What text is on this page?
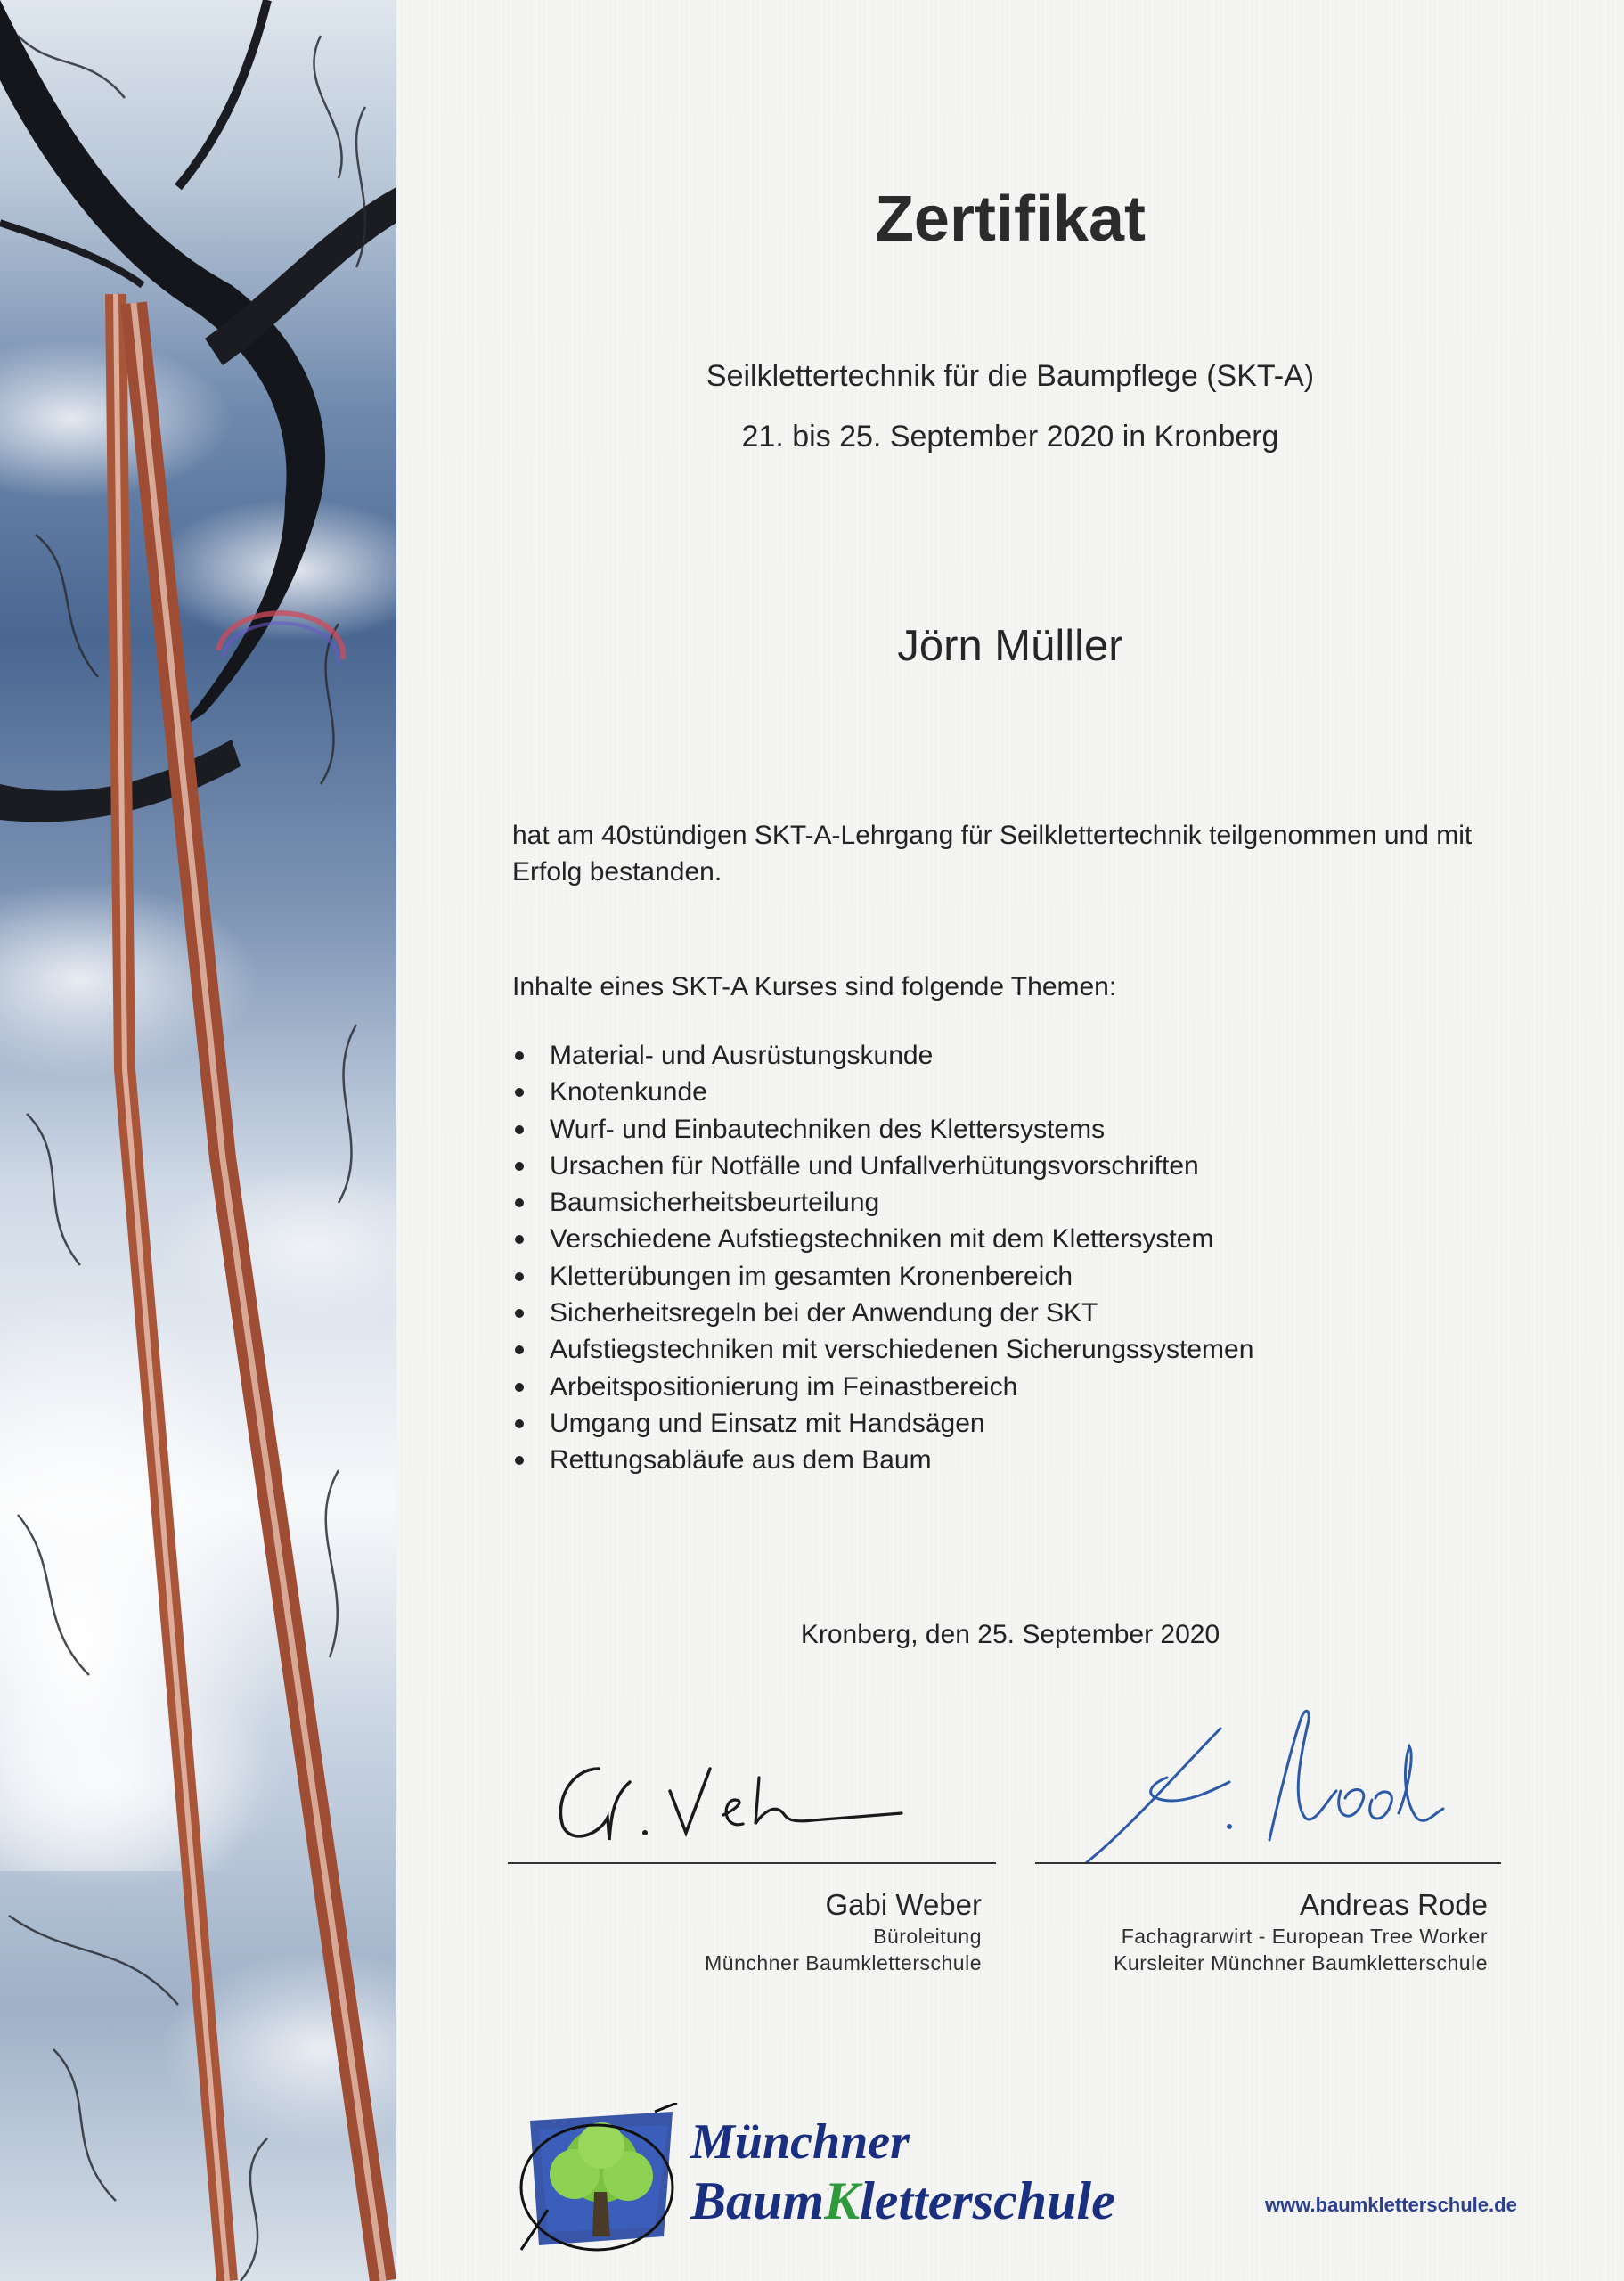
Zertifikat

Seilklettertechnik für die Baumpflege (SKT-A)

21. bis 25. September 2020 in Kronberg

Jörn Mülller

hat am 40stündigen SKT-A-Lehrgang für Seilklettertechnik teilgenommen und mit Erfolg bestanden.

Inhalte eines SKT-A Kurses sind folgende Themen:

Material- und Ausrüstungskunde
Knotenkunde
Wurf- und Einbautechniken des Klettersystems
Ursachen für Notfälle und Unfallverhütungsvorschriften
Baumsicherheitsbeurteilung
Verschiedene Aufstiegstechniken mit dem Klettersystem
Kletterübungen im gesamten Kronenbereich
Sicherheitsregeln bei der Anwendung der SKT
Aufstiegstechniken mit verschiedenen Sicherungssystemen
Arbeitspositionierung im Feinastbereich
Umgang und Einsatz mit Handsägen
Rettungsabläufe aus dem Baum

Kronberg, den 25. September 2020

Gabi Weber
Büroleitung
Münchner Baumkletterschule
Andreas Rode
Fachagrarwirt - European Tree Worker
Kursleiter Münchner Baumkletterschule

Münchner

BaumKletterschule	www.baumkletterschule.de
